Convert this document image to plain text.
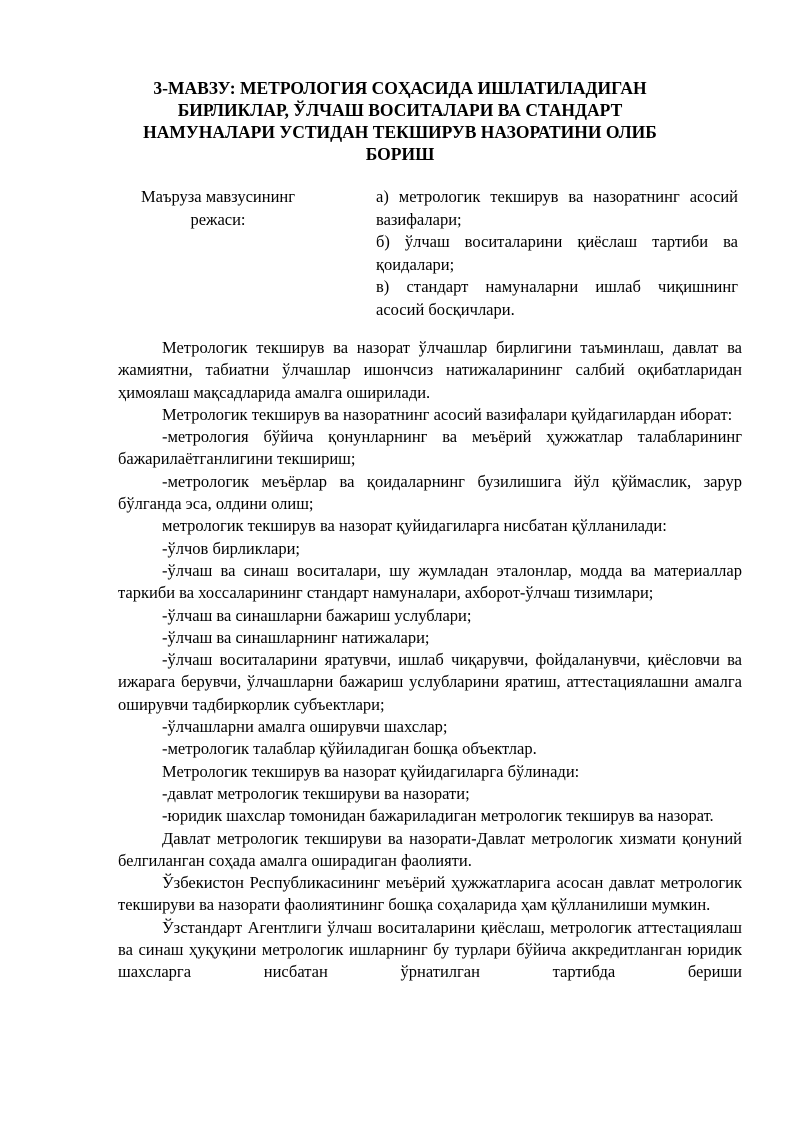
3-МАВЗУ: МЕТРОЛОГИЯ СОҲАСИДА ИШЛАТИЛАДИГАН БИРЛИКЛАР, ЎЛЧАШ ВОСИТАЛАРИ ВА СТАНДАРТ НАМУНАЛАРИ УСТИДАН ТЕКШИРУВ НАЗОРАТИНИ ОЛИБ БОРИШ
Маъруза мавзусининг
режаси:
а) метрологик текширув ва назоратнинг асосий вазифалари;
б) ўлчаш воситаларини қиёслаш тартиби ва қоидалари;
в) стандарт намуналарни ишлаб чиқишнинг асосий босқичлари.

Метрологик текширув ва назорат ўлчашлар бирлигини таъминлаш, давлат ва жамиятни, табиатни ўлчашлар ишончсиз натижаларининг салбий оқибатларидан ҳимоялаш мақсадларида амалга оширилади.

Метрологик текширув ва назоратнинг асосий вазифалари қуйдагилардан иборат:

-метрология бўйича қонунларнинг ва меъёрий ҳужжатлар талабларининг бажарилаётганлигини текшириш;

-метрологик меъёрлар ва қоидаларнинг бузилишига йўл қўймаслик, зарур бўлганда эса, олдини олиш;

метрологик текширув ва назорат қуйидагиларга нисбатан қўлланилади:

-ўлчов бирликлари;

-ўлчаш ва синаш воситалари, шу жумладан эталонлар, модда ва материаллар таркиби ва хоссаларининг стандарт намуналари, ахборот-ўлчаш тизимлари;

-ўлчаш ва синашларни бажариш услублари;

-ўлчаш ва синашларнинг натижалари;

-ўлчаш воситаларини яратувчи, ишлаб чиқарувчи, фойдаланувчи, қиёсловчи ва ижарага берувчи, ўлчашларни бажариш услубларини яратиш, аттестациялашни амалга оширувчи тадбиркорлик субъектлари;

-ўлчашларни амалга оширувчи шахслар;

-метрологик талаблар қўйиладиган бошқа объектлар.

Метрологик текширув ва назорат қуйидагиларга бўлинади:

-давлат метрологик текшируви ва назорати;

-юридик шахслар томонидан бажариладиган метрологик текширув ва назорат.

Давлат метрологик текшируви ва назорати-Давлат метрологик хизмати қонуний белгиланган соҳада амалга оширадиган фаолияти.

Ўзбекистон Республикасининг меъёрий ҳужжатларига асосан давлат метрологик текшируви ва назорати фаолиятининг бошқа соҳаларида ҳам қўлланилиши мумкин.

Ўзстандарт Агентлиги ўлчаш воситаларини қиёслаш, метрологик аттестациялаш ва синаш ҳуқуқини метрологик ишларнинг бу турлари бўйича аккредитланган юридик шахсларга нисбатан ўрнатилган тартибда бериши
